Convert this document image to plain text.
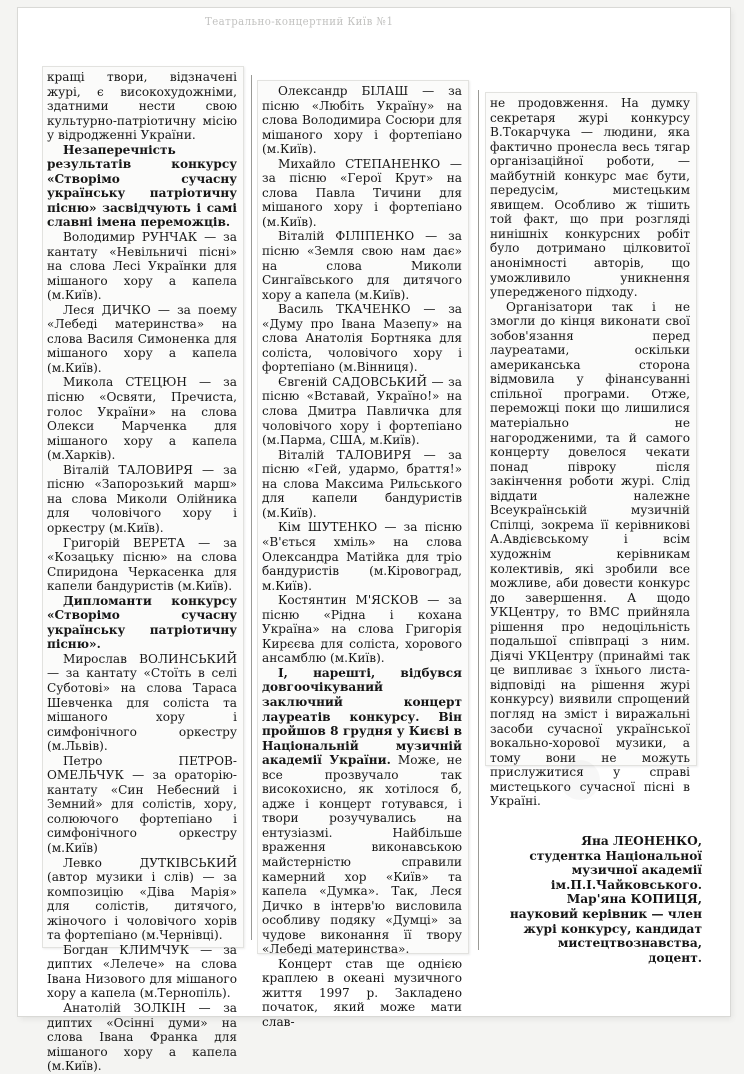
Театрально-концертний Київ №1

кращі твори, відзначені журі, є високохудожніми, здатними нести свою культурно-патріотичну місію у відродженні України.

Незаперечність результатів конкурсу «Створімо сучасну українську патріотичну пісню» засвідчують і самі славні імена переможців.

Володимир РУНЧАК — за кантату «Невільничі пісні» на слова Лесі Українки для мішаного хору а капела (м.Київ).

Леся ДИЧКО — за поему «Лебеді материнства» на слова Василя Симоненка для мішаного хору а капела (м.Київ).

Микола СТЕЦЮН — за пісню «Освяти, Пречиста, голос України» на слова Олекси Марченка для мішаного хору а капела (м.Харків).

Віталій ТАЛОВИРЯ — за пісню «Запорозький марш» на слова Миколи Олійника для чоловічого хору і оркестру (м.Київ).

Григорій ВЕРЕТА — за «Козацьку пісню» на слова Спиридона Черкасенка для капели бандуристів (м.Київ).

Дипломанти конкурсу «Створімо сучасну українську патріотичну пісню».

Мирослав ВОЛИНСЬКИЙ — за кантату «Стоїть в селі Суботові» на слова Тараса Шевченка для соліста та мішаного хору і симфонічного оркестру (м.Львів).

Петро ПЕТРОВ-ОМЕЛЬЧУК — за ораторію-кантату «Син Небесний і Земний» для солістів, хору, солюючого фортепіано і симфонічного оркестру (м.Київ)

Левко ДУТКІВСЬКИЙ (автор музики і слів) — за композицію «Діва Марія» для солістів, дитячого, жіночого і чоловічого хорів та фортепіано (м.Чернівці).

Богдан КЛИМЧУК — за диптих «Лелече» на слова Івана Низового для мішаного хору а капела (м.Тернопіль).

Анатолій ЗОЛКІН — за диптих «Осінні думи» на слова Івана Франка для мішаного хору а капела (м.Київ).

Олександр БІЛАШ — за пісню «Любіть Україну» на слова Володимира Сосюри для мішаного хору і фортепіано (м.Київ).

Михайло СТЕПАНЕНКО — за пісню «Герої Крут» на слова Павла Тичини для мішаного хору і фортепіано (м.Київ).

Віталій ФІЛІПЕНКО — за пісню «Земля свою нам дає» на слова Миколи Сингаївського для дитячого хору а капела (м.Київ).

Василь ТКАЧЕНКО — за «Думу про Івана Мазепу» на слова Анатолія Бортняка для соліста, чоловічого хору і фортепіано (м.Вінниця).

Євгеній САДОВСЬКИЙ — за пісню «Вставай, Україно!» на слова Дмитра Павличка для чоловічого хору і фортепіано (м.Парма, США, м.Київ).

Віталій ТАЛОВИРЯ — за пісню «Гей, удармо, браття!» на слова Максима Рильського для капели бандуристів (м.Київ).

Кім ШУТЕНКО — за пісню «В'ється хміль» на слова Олександра Матійка для тріо бандуристів (м.Кіровоград, м.Київ).

Костянтин М'ЯСКОВ — за пісню «Рідна і кохана Україна» на слова Григорія Кирєєва для соліста, хорового ансамблю (м.Київ).

І, нарешті, відбувся довгоочікуваний заключний концерт лауреатів конкурсу. Він пройшов 8 грудня у Києві в Національній музичній академії України. Може, не все прозвучало так високохисно, як хотілося б, адже і концерт готувався, і твори розучувались на ентузіазмі. Найбільше враження виконавською майстерністю справили камерний хор «Київ» та капела «Думка». Так, Леся Дичко в інтерв'ю висловила особливу подяку «Думці» за чудове виконання її твору «Лебеді материнства».

Концерт став ще однією краплею в океані музичного життя 1997 р. Закладено початок, який може мати слав-

не продовження. На думку секретаря журі конкурсу В.Токарчука — людини, яка фактично пронесла весь тягар організаційної роботи, — майбутній конкурс має бути, передусім, мистецьким явищем. Особливо ж тішить той факт, що при розгляді нинішніх конкурсних робіт було дотримано цілковитої анонімності авторів, що уможливило уникнення упередженого підходу.

Організатори так і не змогли до кінця виконати свої зобов'язання перед лауреатами, оскільки американська сторона відмовила у фінансуванні спільної програми. Отже, переможці поки що лишилися матеріально не нагородженими, та й самого концерту довелося чекати понад півроку після закінчення роботи журі. Слід віддати належне Всеукраїнській музичній Спілці, зокрема її керівникові А.Авдієвському і всім художнім керівникам колективів, які зробили все можливе, аби довести конкурс до завершення. А щодо УКЦентру, то ВМС прийняла рішення про недоцільність подальшої співпраці з ним. Діячі УКЦентру (принаймі так це випливає з їхнього листа-відповіді на рішення журі конкурсу) виявили спрощений погляд на зміст і виражальні засоби сучасної української вокально-хорової музики, а тому вони не можуть прислужитися у справі мистецького сучасної пісні в Україні.

Яна ЛЕОНЕНКО,

студентка Національної музичної академії ім.П.І.Чайковського.

Мар'яна КОПИЦЯ,

науковий керівник — член журі конкурсу, кандидат мистецтвознавства, доцент.
